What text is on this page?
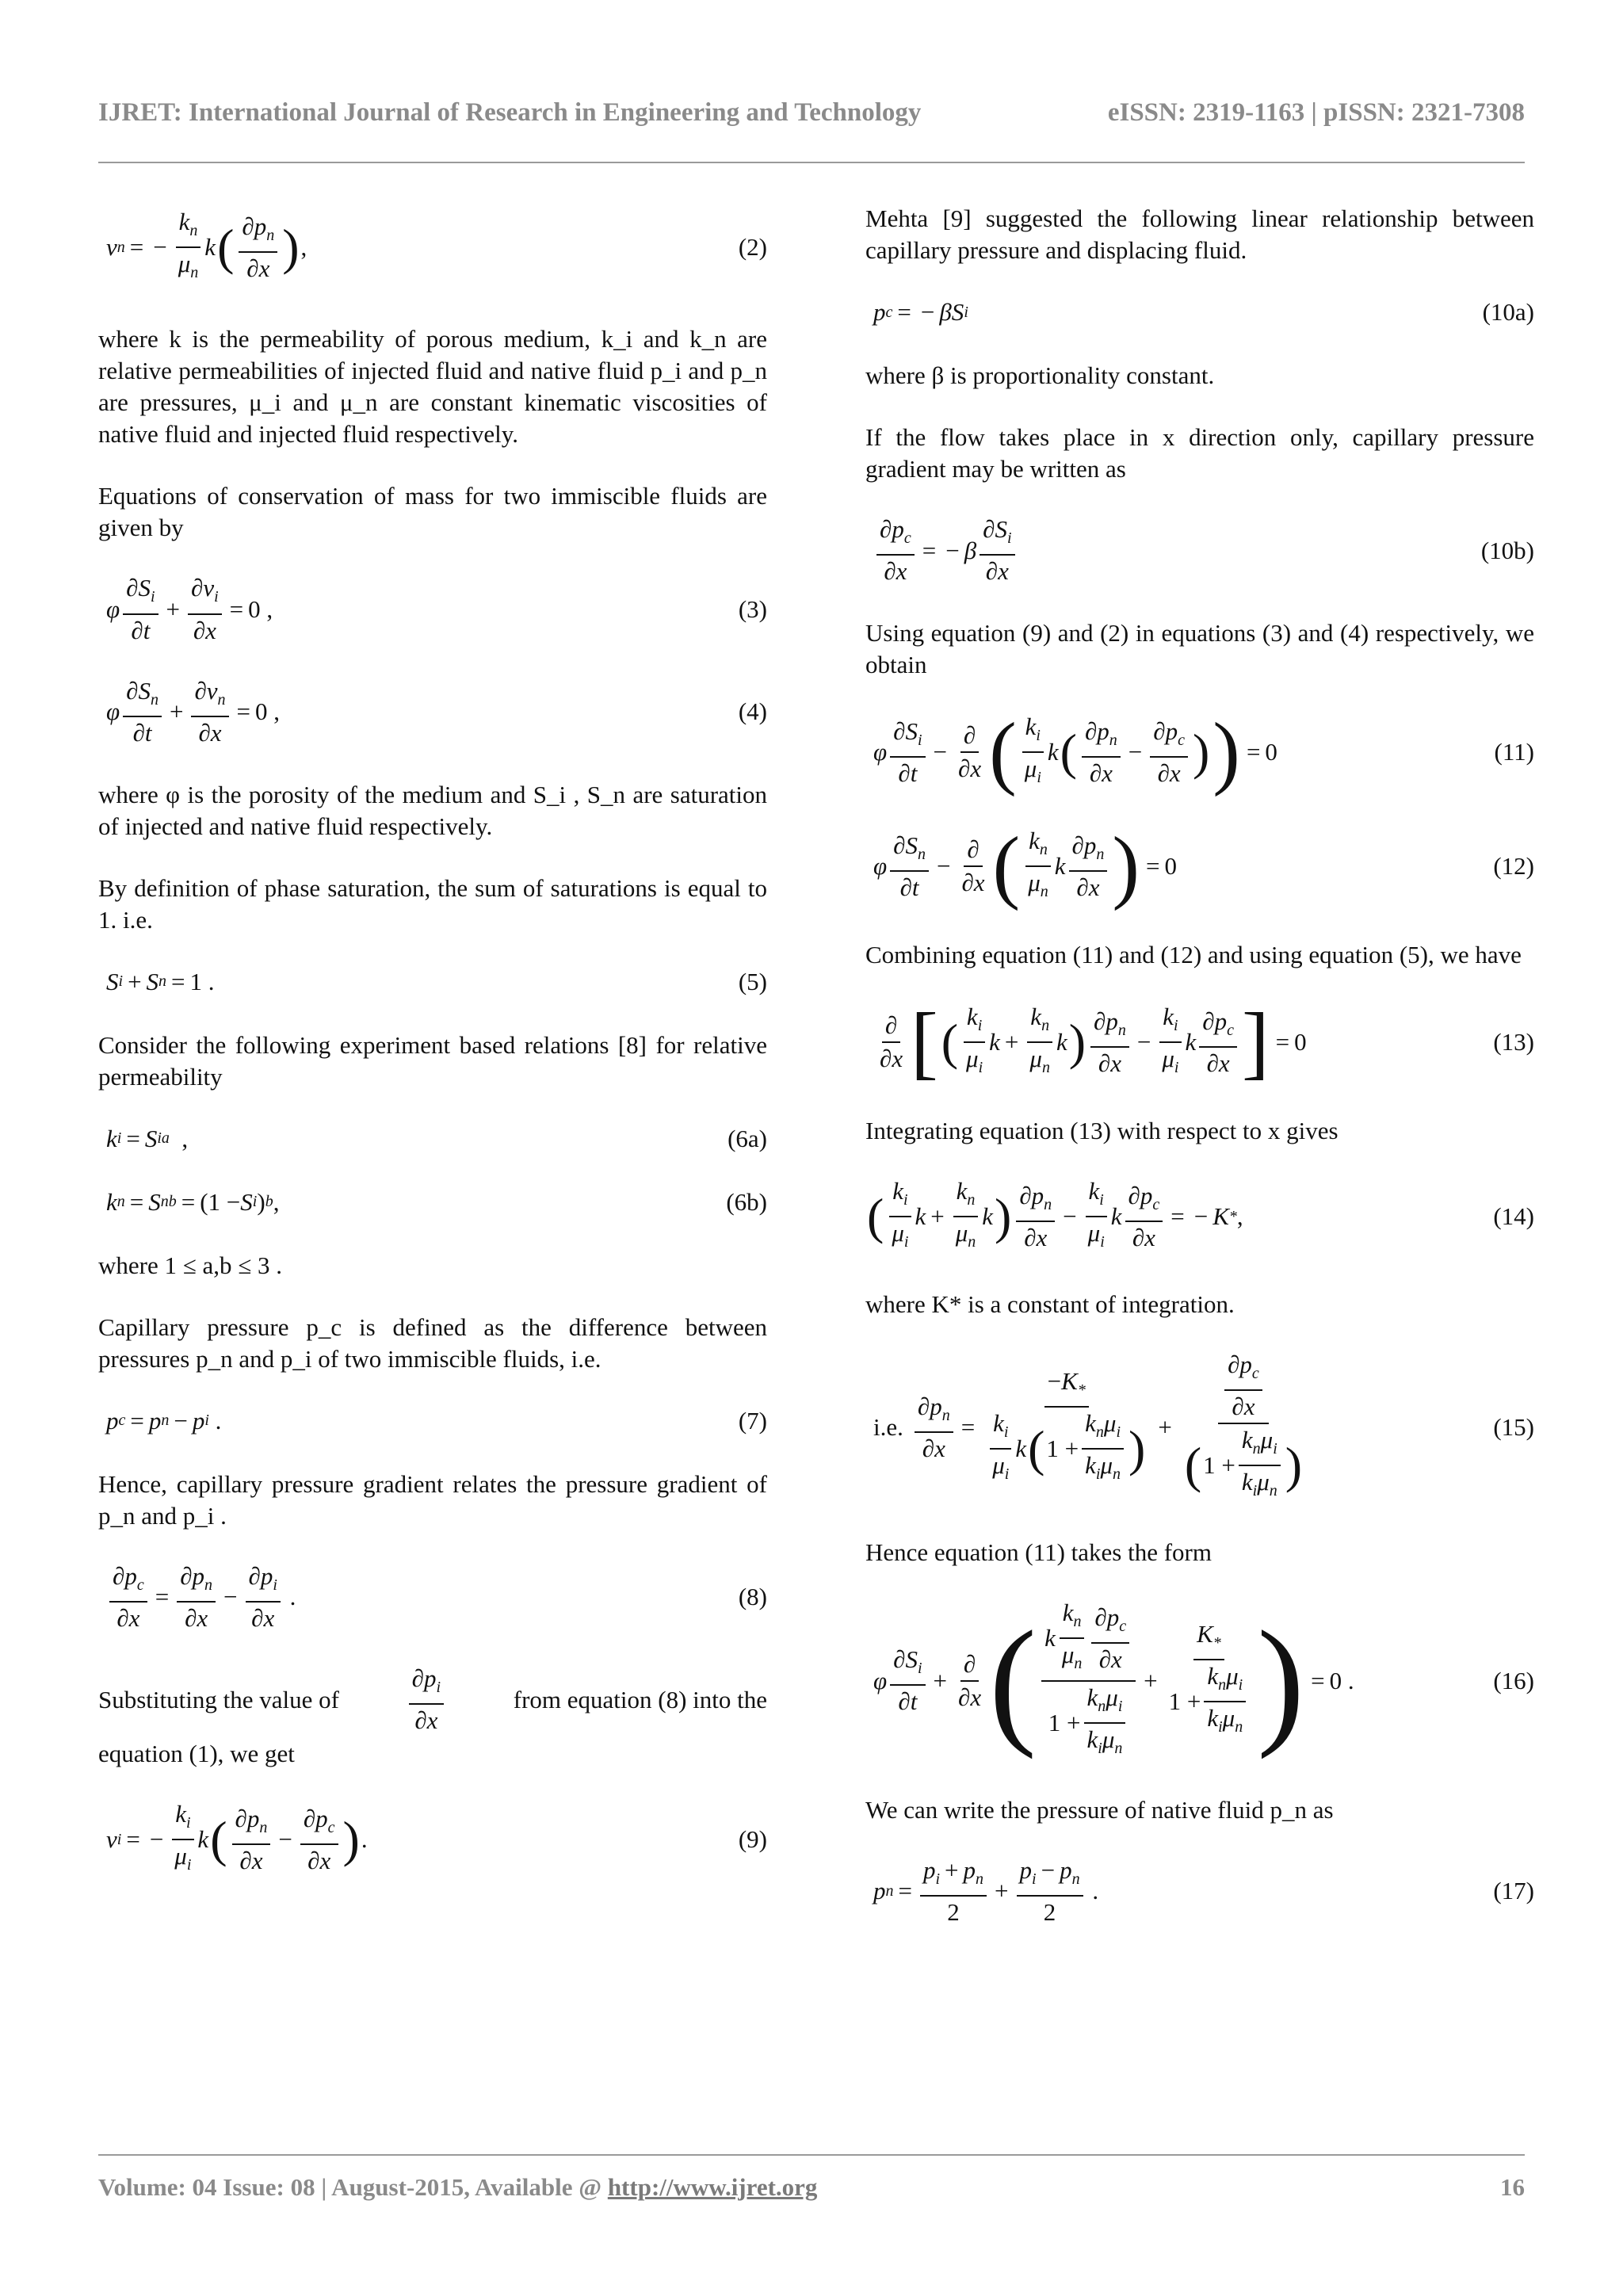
IJRET: International Journal of Research in Engineering and Technology	eISSN: 2319-1163 | pISSN: 2321-7308
v n = − $\frac{k_n}{\mu_n}$ k ( $\frac{\partial p_n}{\partial x}$ ) ,	(2)

where k is the permeability of porous medium, k_i and k_n are relative permeabilities of injected fluid and native fluid p_i and p_n are pressures, μ_i and μ_n are constant kinematic viscosities of native fluid and injected fluid respectively.

Equations of conservation of mass for two immiscible fluids are given by

φ $\frac{\partial S_i}{\partial t} + \frac{\partial v_i}{\partial x} = 0$ ,	(3)
φ $\frac{\partial S_n}{\partial t} + \frac{\partial v_n}{\partial x} = 0$ ,	(4)

where φ is the porosity of the medium and S_i , S_n are saturation of injected and native fluid respectively.

By definition of phase saturation, the sum of saturations is equal to 1. i.e.

S i + S n = 1 .	(5)

Consider the following experiment based relations [8] for relative permeability

k i = S i a ,	(6a)
k n = S n b = (1 − S i ) b ,	(6b)

where 1 ≤ a,b ≤ 3 .

Capillary pressure p_c is defined as the difference between pressures p_n and p_i of two immiscible fluids, i.e.

p c = p n − p i .	(7)

Hence, capillary pressure gradient relates the pressure gradient of p_n and p_i .

$\frac{\partial p_c}{\partial x} = \frac{\partial p_n}{\partial x} - \frac{\partial p_i}{\partial x}$ .	(8)
Substituting the value of	$\frac{\partial p_i}{\partial x}$	from equation (8) into the

equation (1), we get

v i = − $\frac{k_i}{\mu_i}$ k ( $\frac{\partial p_n}{\partial x} - \frac{\partial p_c}{\partial x}$ ) .	(9)

Mehta [9] suggested the following linear relationship between capillary pressure and displacing fluid.

p c = − βS i	(10a)

where β is proportionality constant.

If the flow takes place in x direction only, capillary pressure gradient may be written as

$\frac{\partial p_c}{\partial x}$ = − β $\frac{\partial S_i}{\partial x}$	(10b)

Using equation (9) and (2) in equations (3) and (4) respectively, we obtain

φ $\frac{\partial S_i}{\partial t} - \frac{\partial}{\partial x}$ ( $\frac{k_i}{\mu_i}$ k ( $\frac{\partial p_n}{\partial x} - \frac{\partial p_c}{\partial x}$ ) ) = 0	(11)
φ $\frac{\partial S_n}{\partial t} - \frac{\partial}{\partial x}$ ( $\frac{k_n}{\mu_n}$ k $\frac{\partial p_n}{\partial x}$ ) = 0	(12)

Combining equation (11) and (12) and using equation (5), we have

$\frac{\partial}{\partial x}$ [ ( $\frac{k_i}{\mu_i}$ $k + \frac{k_n}{\mu_n}$ k ) $\frac{\partial p_n}{\partial x} - \frac{k_i}{\mu_i}$ k $\frac{\partial p_c}{\partial x}$ ] = 0	(13)

Integrating equation (13) with respect to x gives

( $\frac{k_i}{\mu_i}$ $k + \frac{k_n}{\mu_n}$ k ) $\frac{\partial p_n}{\partial x} - \frac{k_i}{\mu_i}$ k $\frac{\partial p_c}{\partial x}$ = − K * ,	(14)

where K* is a constant of integration.

i.e. $\frac{\partial p_n}{\partial x} = \frac{-K_*}{\frac{k_i}{\mu_i} k ( 1 + \frac{k_n\mu_i}{k_i\mu_n} )} + \frac{\frac{\partial p_c}{\partial x}}{( 1 + \frac{k_n\mu_i}{k_i\mu_n} )}$	(15)

Hence equation (11) takes the form

φ $\frac{\partial S_i}{\partial t} + \frac{\partial}{\partial x}$ ( $\frac{k \frac{k_n}{\mu_n} \frac{\partial p_c}{\partial x}}{1 + \frac{k_n\mu_i}{k_i\mu_n}} + \frac{K_*}{1 + \frac{k_n\mu_i}{k_i\mu_n}}$ ) = 0 .	(16)

We can write the pressure of native fluid p_n as

p $n = \frac{p_i + p_n}{2} + \frac{p_i - p_n}{2}$ .	(17)
Volume: 04 Issue: 08 | August-2015, Available @ http://www.ijret.org	16
